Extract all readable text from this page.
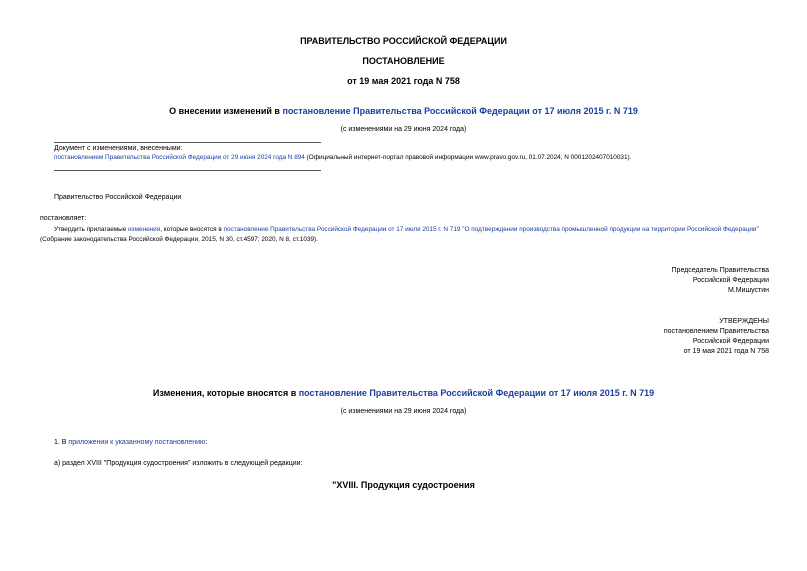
ПРАВИТЕЛЬСТВО РОССИЙСКОЙ ФЕДЕРАЦИИ
ПОСТАНОВЛЕНИЕ
от 19 мая 2021 года N 758
О внесении изменений в постановление Правительства Российской Федерации от 17 июля 2015 г. N 719
(с изменениями на 29 июня 2024 года)
Документ с изменениями, внесенными:
постановлением Правительства Российской Федерации от 29 июня 2024 года N 894 (Официальный интернет-портал правовой информации www.pravo.gov.ru, 01.07.2024, N 0001202407010031).
Правительство Российской Федерации
постановляет:
Утвердить прилагаемые изменения, которые вносятся в постановление Правительства Российской Федерации от 17 июля 2015 г. N 719 "О подтверждении производства промышленной продукции на территории Российской Федерации" (Собрание законодательства Российской Федерации, 2015, N 30, ст.4597; 2020, N 8, ст.1039).
Председатель Правительства
Российской Федерации
М.Мишустин
УТВЕРЖДЕНЫ
постановлением Правительства
Российской Федерации
от 19 мая 2021 года N 758
Изменения, которые вносятся в постановление Правительства Российской Федерации от 17 июля 2015 г. N 719
(с изменениями на 29 июня 2024 года)
1. В приложении к указанному постановлению:
а) раздел XVIII "Продукция судостроения" изложить в следующей редакции:
"XVIII. Продукция судостроения
